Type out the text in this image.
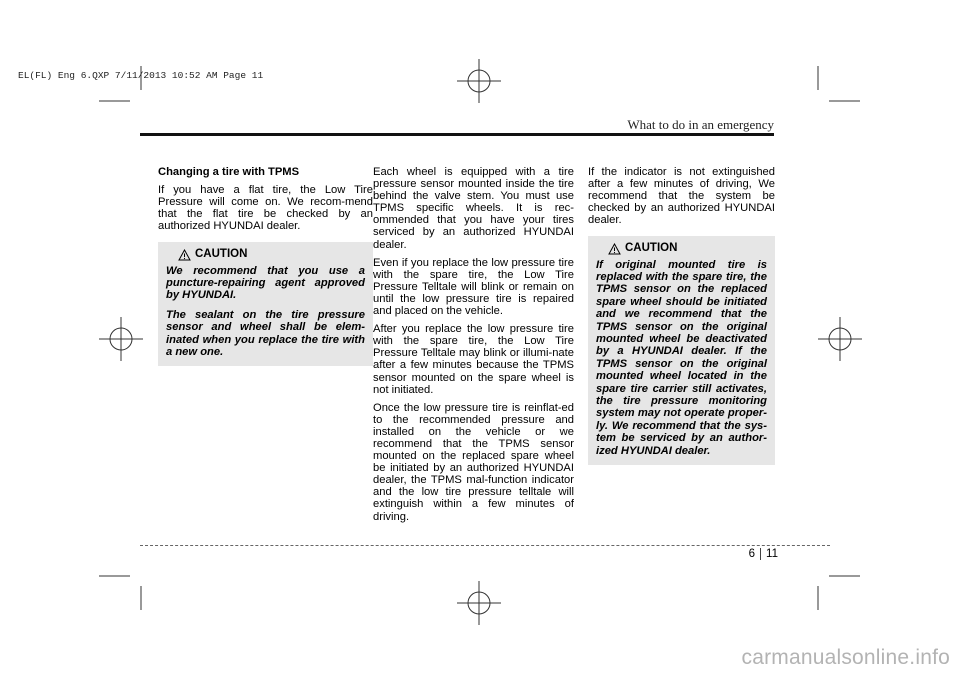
EL(FL) Eng 6.QXP 7/11/2013 10:52 AM Page 11
What to do in an emergency

Changing a tire with TPMS

If you have a flat tire, the Low Tire Pressure will come on. We recom-mend that the flat tire be checked by an authorized HYUNDAI dealer.

CAUTION

We recommend that you use a puncture-repairing agent approved by HYUNDAI.

The sealant on the tire pressure sensor and wheel shall be elem-inated when you replace the tire with a new one.

Each wheel is equipped with a tire pressure sensor mounted inside the tire behind the valve stem. You must use TPMS specific wheels. It is rec-ommended that you have your tires serviced by an authorized HYUNDAI dealer.

Even if you replace the low pressure tire with the spare tire, the Low Tire Pressure Telltale will blink or remain on until the low pressure tire is repaired and placed on the vehicle.

After you replace the low pressure tire with the spare tire, the Low Tire Pressure Telltale may blink or illumi-nate after a few minutes because the TPMS sensor mounted on the spare wheel is not initiated.

Once the low pressure tire is reinflat-ed to the recommended pressure and installed on the vehicle or we recommend that the TPMS sensor mounted on the replaced spare wheel be initiated by an authorized HYUNDAI dealer, the TPMS mal-function indicator and the low tire pressure telltale will extinguish within a few minutes of driving.

If the indicator is not extinguished after a few minutes of driving, We recommend that the system be checked by an authorized HYUNDAI dealer.

CAUTION

If original mounted tire is replaced with the spare tire, the TPMS sensor on the replaced spare wheel should be initiated and we recommend that the TPMS sensor on the original mounted wheel be deactivated by a HYUNDAI dealer. If the TPMS sensor on the original mounted wheel located in the spare tire carrier still activates, the tire pressure monitoring system may not operate proper-ly. We recommend that the sys-tem be serviced by an author-ized HYUNDAI dealer.

6 11
carmanualsonline.info
